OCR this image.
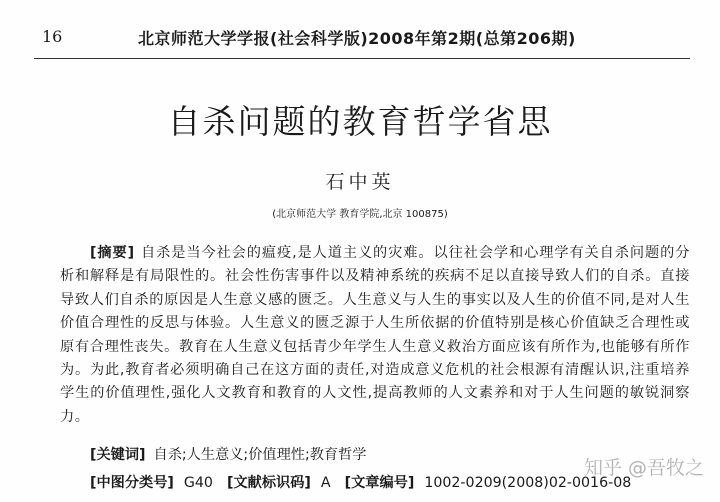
16	北京师范大学学报(社会科学版)2008年第2期(总第206期)
自杀问题的教育哲学省思
石中英
(北京师范大学 教育学院,北京 100875)
[摘要] 自杀是当今社会的瘟疫,是人道主义的灾难。以往社会学和心理学有关自杀问题的分析和解释是有局限性的。社会性伤害事件以及精神系统的疾病不足以直接导致人们的自杀。直接导致人们自杀的原因是人生意义感的匮乏。人生意义与人生的事实以及人生的价值不同,是对人生价值合理性的反思与体验。人生意义的匮乏源于人生所依据的价值特别是核心价值缺乏合理性或原有合理性丧失。教育在人生意义包括青少年学生人生意义救治方面应该有所作为,也能够有所作为。为此,教育者必须明确自己在这方面的责任,对造成意义危机的社会根源有清醒认识,注重培养学生的价值理性,强化人文教育和教育的人文性,提高教师的人文素养和对于人生问题的敏锐洞察力。
[关键词] 自杀;人生意义;价值理性;教育哲学
[中图分类号] G40 [文献标识码] A [文章编号] 1002-0209(2008)02-0016-08
知乎 @吾牧之
